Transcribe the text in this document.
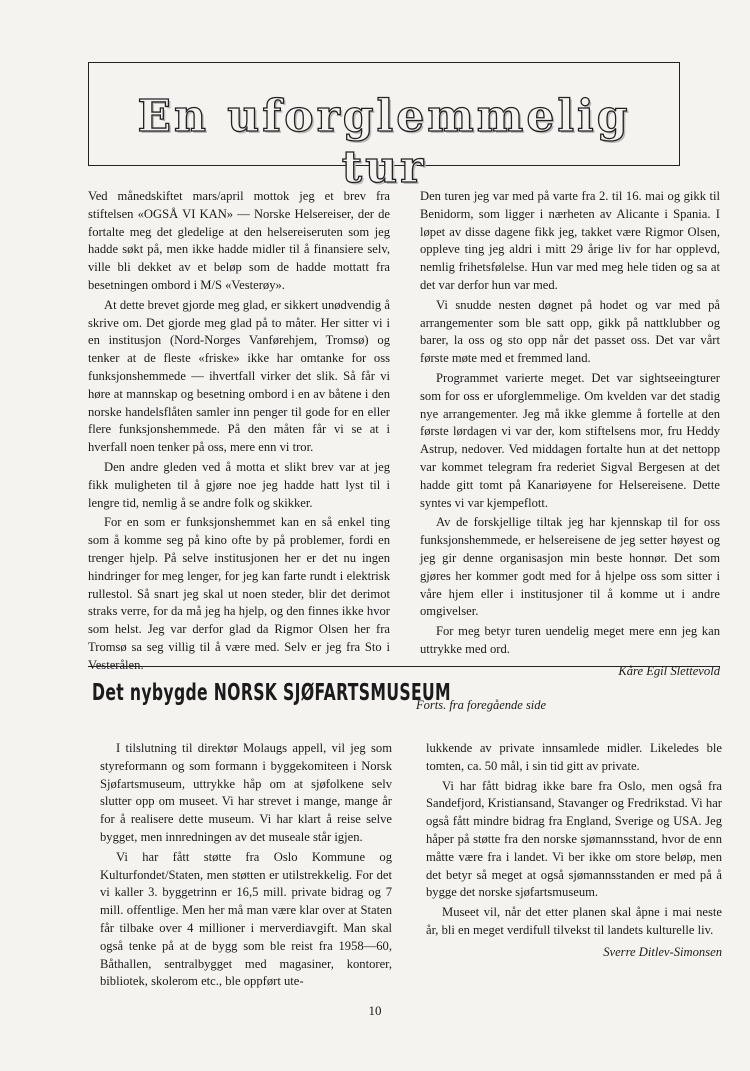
En uforglemmelig tur

Ved månedskiftet mars/april mottok jeg et brev fra stiftelsen «OGSÅ VI KAN» — Norske Helsereiser, der de fortalte meg det gledelige at den helsereiseruten som jeg hadde søkt på, men ikke hadde midler til å finansiere selv, ville bli dekket av et beløp som de hadde mottatt fra besetningen ombord i M/S «Vesterøy».

At dette brevet gjorde meg glad, er sikkert unødvendig å skrive om. Det gjorde meg glad på to måter. Her sitter vi i en institusjon (Nord-Norges Vanførehjem, Tromsø) og tenker at de fleste «friske» ikke har omtanke for oss funksjonshemmede — ihvertfall virker det slik. Så får vi høre at mannskap og besetning ombord i en av båtene i den norske handelsflåten samler inn penger til gode for en eller flere funksjonshemmede. På den måten får vi se at i hverfall noen tenker på oss, mere enn vi tror.

Den andre gleden ved å motta et slikt brev var at jeg fikk muligheten til å gjøre noe jeg hadde hatt lyst til i lengre tid, nemlig å se andre folk og skikker.

For en som er funksjonshemmet kan en så enkel ting som å komme seg på kino ofte by på problemer, fordi en trenger hjelp. På selve institusjonen her er det nu ingen hindringer for meg lenger, for jeg kan farte rundt i elektrisk rullestol. Så snart jeg skal ut noen steder, blir det derimot straks verre, for da må jeg ha hjelp, og den finnes ikke hvor som helst. Jeg var derfor glad da Rigmor Olsen her fra Tromsø sa seg villig til å være med. Selv er jeg fra Sto i Vesterålen.

Den turen jeg var med på varte fra 2. til 16. mai og gikk til Benidorm, som ligger i nærheten av Alicante i Spania. I løpet av disse dagene fikk jeg, takket være Rigmor Olsen, oppleve ting jeg aldri i mitt 29 årige liv for har opplevd, nemlig frihetsfølelse. Hun var med meg hele tiden og sa at det var derfor hun var med.

Vi snudde nesten døgnet på hodet og var med på arrangementer som ble satt opp, gikk på nattklubber og barer, la oss og sto opp når det passet oss. Det var vårt første møte med et fremmed land.

Programmet varierte meget. Det var sightseeingturer som for oss er uforglemmelige. Om kvelden var det stadig nye arrangementer. Jeg må ikke glemme å fortelle at den første lørdagen vi var der, kom stiftelsens mor, fru Heddy Astrup, nedover. Ved middagen fortalte hun at det nettopp var kommet telegram fra rederiet Sigval Bergesen at det hadde gitt tomt på Kanariøyene for Helsereisene. Dette syntes vi var kjempeflott.

Av de forskjellige tiltak jeg har kjennskap til for oss funksjonshemmede, er helsereisene de jeg setter høyest og jeg gir denne organisasjon min beste honnør. Det som gjøres her kommer godt med for å hjelpe oss som sitter i våre hjem eller i institusjoner til å komme ut i andre omgivelser.

For meg betyr turen uendelig meget mere enn jeg kan uttrykke med ord.

Kåre Egil Slettevold
Det nybygde NORSK SJØFARTSMUSEUM
Forts. fra foregående side

I tilslutning til direktør Molaugs appell, vil jeg som styreformann og som formann i byggekomiteen i Norsk Sjøfartsmuseum, uttrykke håp om at sjøfolkene selv slutter opp om museet. Vi har strevet i mange, mange år for å realisere dette museum. Vi har klart å reise selve bygget, men innredningen av det museale står igjen.

Vi har fått støtte fra Oslo Kommune og Kulturfondet/Staten, men støtten er utilstrekkelig. For det vi kaller 3. byggetrinn er 16,5 mill. private bidrag og 7 mill. offentlige. Men her må man være klar over at Staten får tilbake over 4 millioner i merverdiavgift. Man skal også tenke på at de bygg som ble reist fra 1958—60, Båthallen, sentralbygget med magasiner, kontorer, bibliotek, skolerom etc., ble oppført ute-

lukkende av private innsamlede midler. Likeledes ble tomten, ca. 50 mål, i sin tid gitt av private.

Vi har fått bidrag ikke bare fra Oslo, men også fra Sandefjord, Kristiansand, Stavanger og Fredrikstad. Vi har også fått mindre bidrag fra England, Sverige og USA. Jeg håper på støtte fra den norske sjømannsstand, hvor de enn måtte være fra i landet. Vi ber ikke om store beløp, men det betyr så meget at også sjømannsstanden er med på å bygge det norske sjøfartsmuseum.

Museet vil, når det etter planen skal åpne i mai neste år, bli en meget verdifull tilvekst til landets kulturelle liv.

Sverre Ditlev-Simonsen
10
